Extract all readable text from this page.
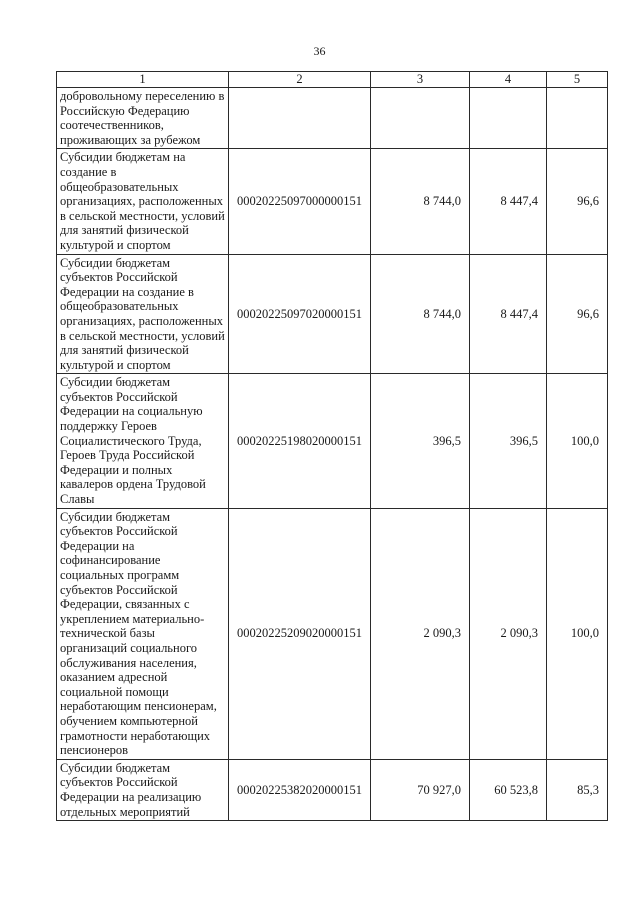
36
1	2	3	4	5
добровольному переселению в Российскую Федерацию соотечественников, проживающих за рубежом				
Субсидии бюджетам на создание в общеобразовательных организациях, расположенных в сельской местности, условий для занятий физической культурой и спортом	00020225097000000151	8 744,0	8 447,4	96,6
Субсидии бюджетам субъектов Российской Федерации на создание в общеобразовательных организациях, расположенных в сельской местности, условий для занятий физической культурой и спортом	00020225097020000151	8 744,0	8 447,4	96,6
Субсидии бюджетам субъектов Российской Федерации на социальную поддержку Героев Социалистического Труда, Героев Труда Российской Федерации и полных кавалеров ордена Трудовой Славы	00020225198020000151	396,5	396,5	100,0
Субсидии бюджетам субъектов Российской Федерации на софинансирование социальных программ субъектов Российской Федерации, связанных с укреплением материально-технической базы организаций социального обслуживания населения, оказанием адресной социальной помощи неработающим пенсионерам, обучением компьютерной грамотности неработающих пенсионеров	00020225209020000151	2 090,3	2 090,3	100,0
Субсидии бюджетам субъектов Российской Федерации на реализацию отдельных мероприятий	00020225382020000151	70 927,0	60 523,8	85,3
